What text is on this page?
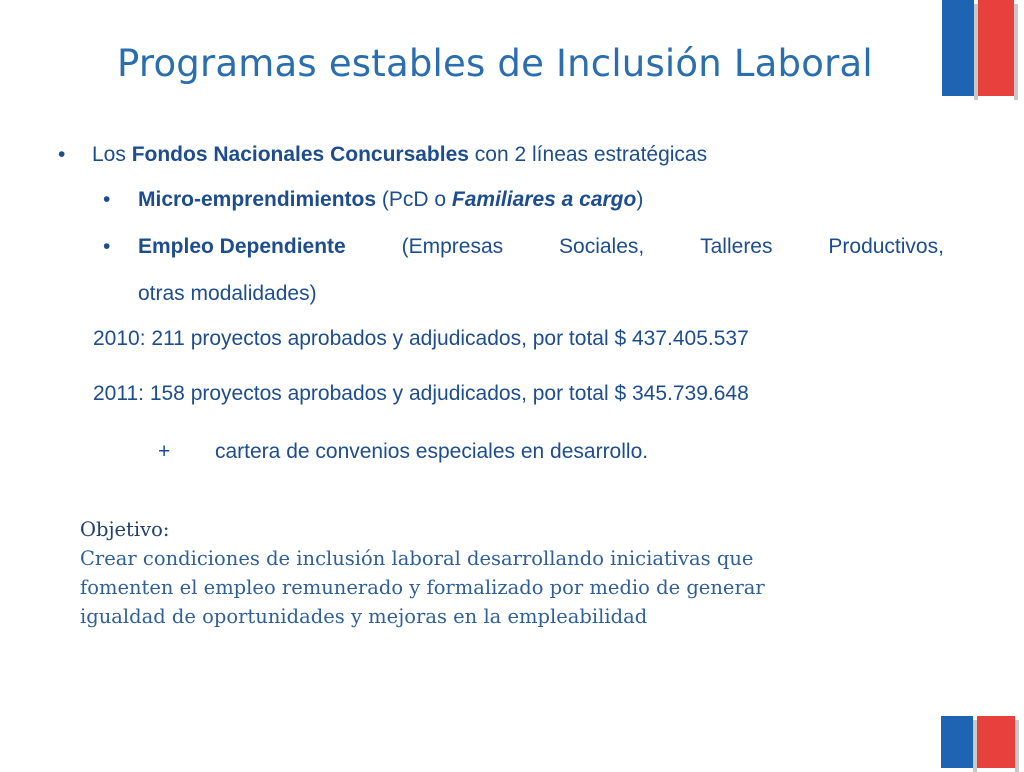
Programas estables de Inclusión Laboral
• Los Fondos Nacionales Concursables con 2 líneas estratégicas
• Micro-emprendimientos (PcD o Familiares a cargo)
• Empleo Dependiente	(Empresas	Sociales,	Talleres	Productivos,
otras modalidades)
2010: 211 proyectos aprobados y adjudicados, por total $ 437.405.537
2011: 158 proyectos aprobados y adjudicados, por total $ 345.739.648
+ cartera de convenios especiales en desarrollo.
Objetivo:
Crear condiciones de inclusión laboral desarrollando iniciativas que
fomenten el empleo remunerado y formalizado por medio de generar
igualdad de oportunidades y mejoras en la empleabilidad
